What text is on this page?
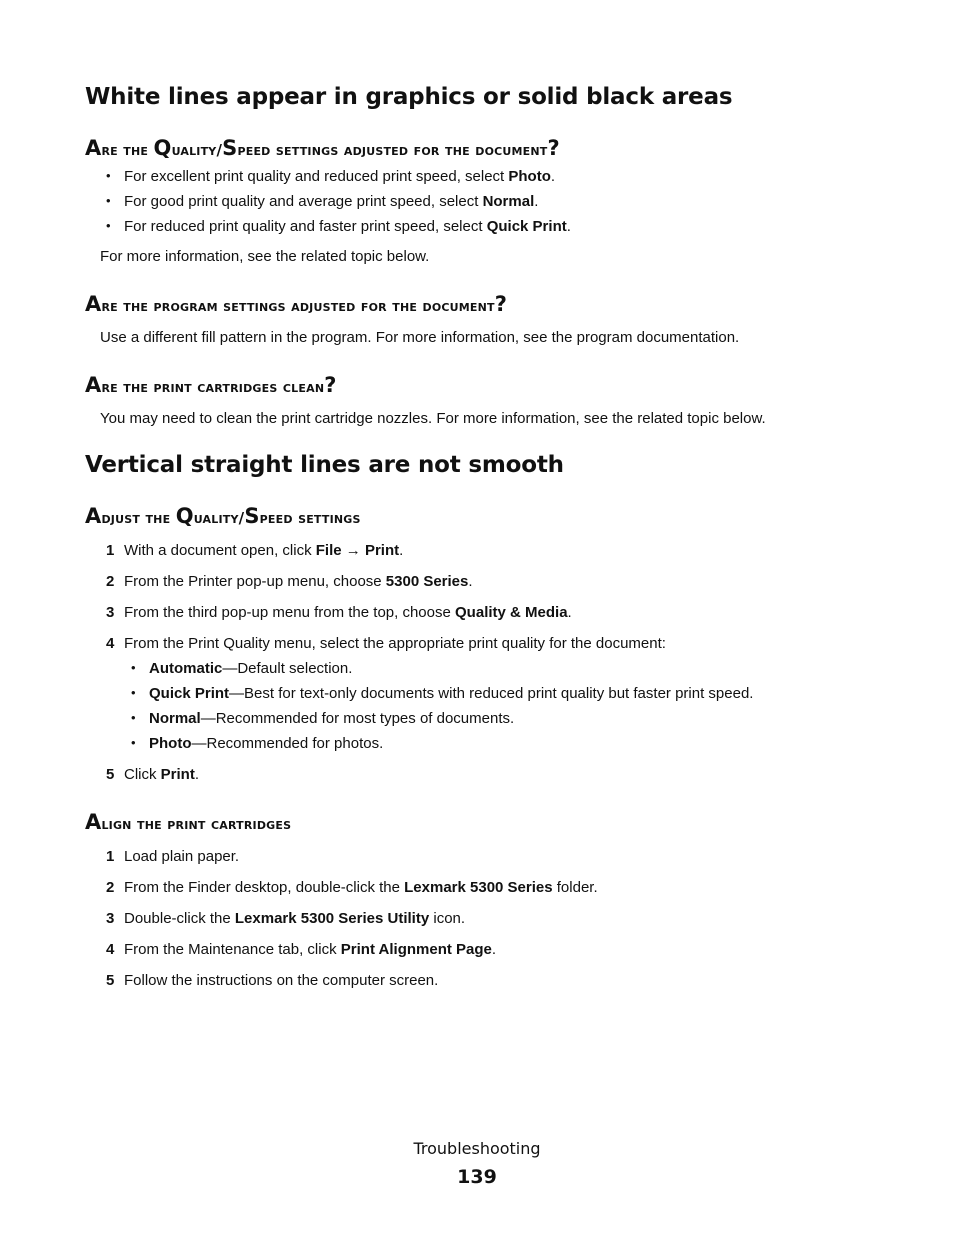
White lines appear in graphics or solid black areas
Are the Quality/Speed settings adjusted for the document?
• For excellent print quality and reduced print speed, select Photo.
• For good print quality and average print speed, select Normal.
• For reduced print quality and faster print speed, select Quick Print.

For more information, see the related topic below.

Are the program settings adjusted for the document?

Use a different fill pattern in the program. For more information, see the program documentation.

Are the print cartridges clean?

You may need to clean the print cartridge nozzles. For more information, see the related topic below.

Vertical straight lines are not smooth
Adjust the Quality/Speed settings
1 With a document open, click File → Print.
2 From the Printer pop-up menu, choose 5300 Series.
3 From the third pop-up menu from the top, choose Quality & Media.
4 From the Print Quality menu, select the appropriate print quality for the document:
• Automatic—Default selection.
• Quick Print—Best for text-only documents with reduced print quality but faster print speed.
• Normal—Recommended for most types of documents.
• Photo—Recommended for photos.
5 Click Print.
Align the print cartridges
1 Load plain paper.
2 From the Finder desktop, double-click the Lexmark 5300 Series folder.
3 Double-click the Lexmark 5300 Series Utility icon.
4 From the Maintenance tab, click Print Alignment Page.
5 Follow the instructions on the computer screen.
Troubleshooting
139
